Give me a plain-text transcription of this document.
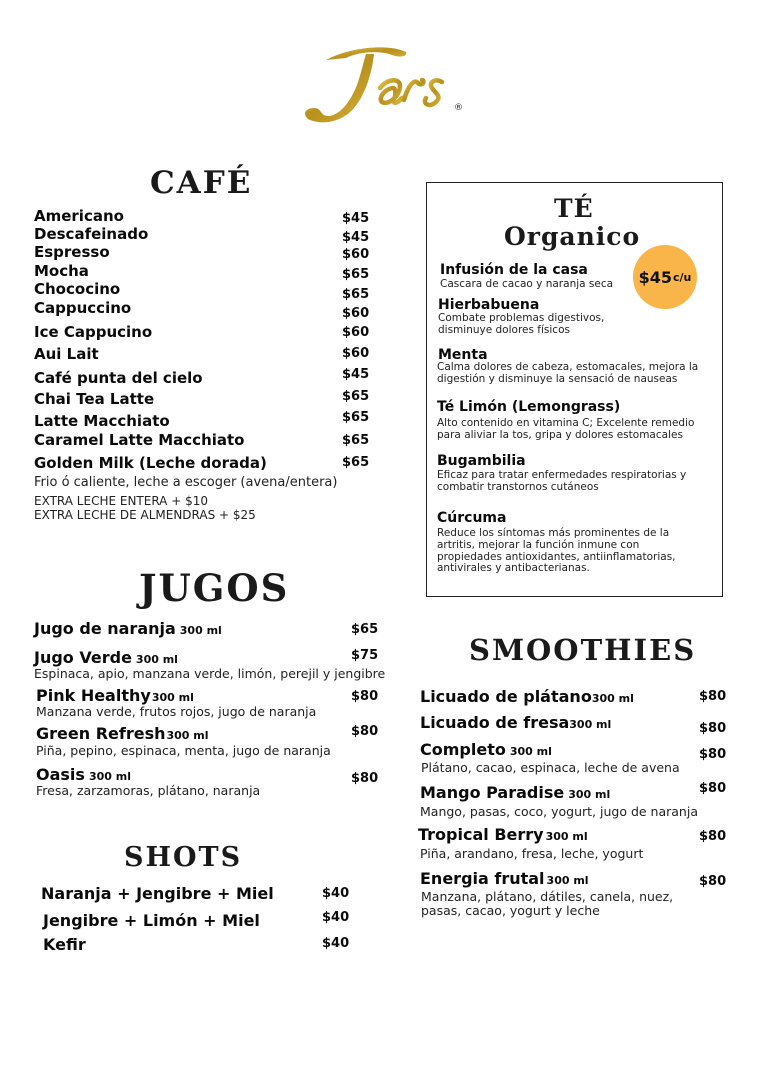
®
CAFÉ
Americano	$45
Descafeinado	$45
Espresso	$60
Mocha	$65
Chococino	$65
Cappuccino	$60
Ice Cappucino	$60
Aui Lait	$60
Café punta del cielo	$45
Chai Tea Latte	$65
Latte Macchiato	$65
Caramel Latte Macchiato	$65
Golden Milk (Leche dorada)	$65
Frio ó caliente, leche a escoger (avena/entera)
EXTRA LECHE ENTERA + $10
EXTRA LECHE DE ALMENDRAS + $25
TÉ
Organico
$45 c/u
Infusión de la casa
Cascara de cacao y naranja seca
Hierbabuena
Combate problemas digestivos, disminuye dolores físicos
Menta
Calma dolores de cabeza, estomacales, mejora la digestión y disminuye la sensació de nauseas
Té Limón (Lemongrass)
Alto contenido en vitamina C; Excelente remedio para aliviar la tos, gripa y dolores estomacales
Bugambilia
Eficaz para tratar enfermedades respiratorias y combatir transtornos cutáneos
Cúrcuma
Reduce los síntomas más prominentes de la artritis, mejorar la función inmune con propiedades antioxidantes, antiinflamatorias, antivirales y antibacterianas.
JUGOS
Jugo de naranja 300 ml	$65
Jugo Verde 300 ml	$75
Espinaca, apio, manzana verde, limón, perejil y jengibre
Pink Healthy300 ml	$80
Manzana verde, frutos rojos, jugo de naranja
Green Refresh300 ml	$80
Piña, pepino, espinaca, menta, jugo de naranja
Oasis 300 ml	$80
Fresa, zarzamoras, plátano, naranja
SMOOTHIES
Licuado de plátano300 ml	$80
Licuado de fresa300 ml	$80
Completo 300 ml	$80
Plátano, cacao, espinaca, leche de avena
Mango Paradise 300 ml	$80
Mango, pasas, coco, yogurt, jugo de naranja
Tropical Berry 300 ml	$80
Piña, arandano, fresa, leche, yogurt
Energia frutal 300 ml	$80
Manzana, plátano, dátiles, canela, nuez, pasas, cacao, yogurt y leche
SHOTS
Naranja + Jengibre + Miel	$40
Jengibre + Limón + Miel	$40
Kefir	$40
